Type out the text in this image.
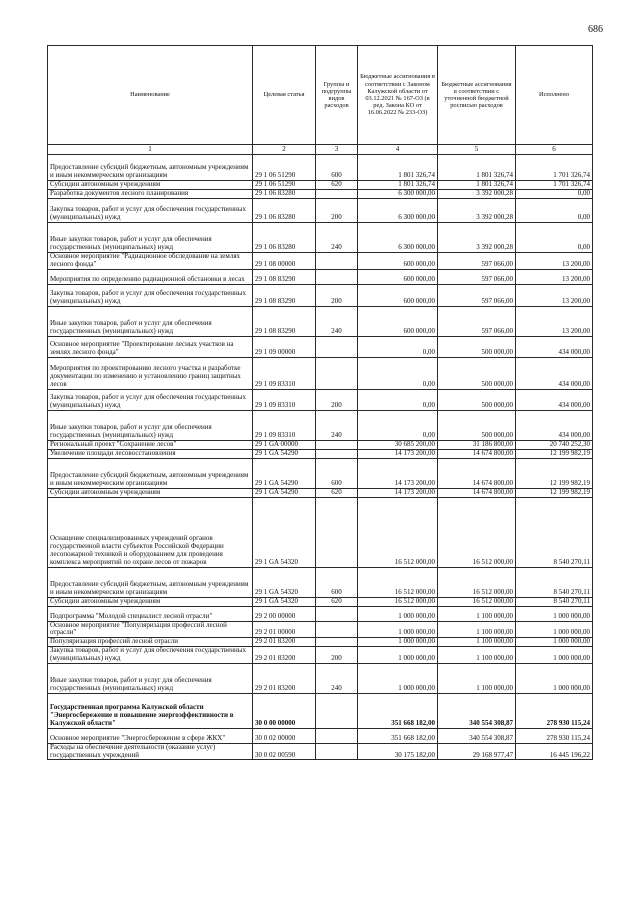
686
Наименование	Целевая статья	Группы и подгруппы видов расходов	Бюджетные ассигнования в соответствии с Законом Калужской области от 03.12.2021 № 167-ОЗ (в ред. Закона КО от 16.06.2022 № 233-ОЗ)	Бюджетные ассигнования в соответствии с уточненной бюджетной росписью расходов	Исполнено
1	2	3	4	5	6
Предоставление субсидий бюджетным, автономным учреждениям и иным некоммерческим организациям	29 1 06 51290	600	1 801 326,74	1 801 326,74	1 701 326,74
Субсидии автономным учреждениям	29 1 06 51290	620	1 801 326,74	1 801 326,74	1 701 326,74
Разработка документов лесного планирования	29 1 06 83280		6 300 000,00	3 392 000,28	0,00
Закупка товаров, работ и услуг для обеспечения государственных (муниципальных) нужд	29 1 06 83280	200	6 300 000,00	3 392 000,28	0,00
Иные закупки товаров, работ и услуг для обеспечения государственных (муниципальных) нужд	29 1 06 83280	240	6 300 000,00	3 392 000,28	0,00
Основное мероприятие "Радиационное обследование на землях лесного фонда"	29 1 08 00000		600 000,00	597 066,00	13 200,00
Мероприятия по определению радиационной обстановки в лесах	29 1 08 83290		600 000,00	597 066,00	13 200,00
Закупка товаров, работ и услуг для обеспечения государственных (муниципальных) нужд	29 1 08 83290	200	600 000,00	597 066,00	13 200,00
Иные закупки товаров, работ и услуг для обеспечения государственных (муниципальных) нужд	29 1 08 83290	240	600 000,00	597 066,00	13 200,00
Основное мероприятие "Проектирование лесных участков на землях лесного фонда"	29 1 09 00000		0,00	500 000,00	434 000,00
Мероприятия по проектированию лесного участка и разработке документации по изменению и установлению границ защитных лесов	29 1 09 83310		0,00	500 000,00	434 000,00
Закупка товаров, работ и услуг для обеспечения государственных (муниципальных) нужд	29 1 09 83310	200	0,00	500 000,00	434 000,00
Иные закупки товаров, работ и услуг для обеспечения государственных (муниципальных) нужд	29 1 09 83310	240	0,00	500 000,00	434 000,00
Региональный проект "Сохранение лесов"	29 1 GA 00000		30 685 200,00	31 186 800,00	20 740 252,30
Увеличение площади лесовосстановления	29 1 GA 54290		14 173 200,00	14 674 800,00	12 199 982,19
Предоставление субсидий бюджетным, автономным учреждениям и иным некоммерческим организациям	29 1 GA 54290	600	14 173 200,00	14 674 800,00	12 199 982,19
Субсидии автономным учреждениям	29 1 GA 54290	620	14 173 200,00	14 674 800,00	12 199 982,19
Оснащение специализированных учреждений органов государственной власти субъектов Российской Федерации лесопожарной техникой и оборудованием для проведения комплекса мероприятий по охране лесов от пожаров	29 1 GA 54320		16 512 000,00	16 512 000,00	8 540 270,11
Предоставление субсидий бюджетным, автономным учреждениям и иным некоммерческим организациям	29 1 GA 54320	600	16 512 000,00	16 512 000,00	8 540 270,11
Субсидии автономным учреждениям	29 1 GA 54320	620	16 512 000,00	16 512 000,00	8 540 270,11
Подпрограмма "Молодой специалист лесной отрасли"	29 2 00 00000		1 000 000,00	1 100 000,00	1 000 000,00
Основное мероприятие "Популяризация профессий лесной отрасли"	29 2 01 00000		1 000 000,00	1 100 000,00	1 000 000,00
Популяризация профессий лесной отрасли	29 2 01 83200		1 000 000,00	1 100 000,00	1 000 000,00
Закупка товаров, работ и услуг для обеспечения государственных (муниципальных) нужд	29 2 01 83200	200	1 000 000,00	1 100 000,00	1 000 000,00
Иные закупки товаров, работ и услуг для обеспечения государственных (муниципальных) нужд	29 2 01 83200	240	1 000 000,00	1 100 000,00	1 000 000,00
Государственная программа Калужской области "Энергосбережение и повышение энергоэффективности в Калужской области"	30 0 00 00000		351 668 182,00	340 554 308,87	278 930 115,24
Основное мероприятие "Энергосбережение в сфере ЖКХ"	30 0 02 00000		351 668 182,00	340 554 308,87	278 930 115,24
Расходы на обеспечение деятельности (оказание услуг) государственных учреждений	30 0 02 00590		30 175 182,00	29 168 977,47	16 445 196,22
